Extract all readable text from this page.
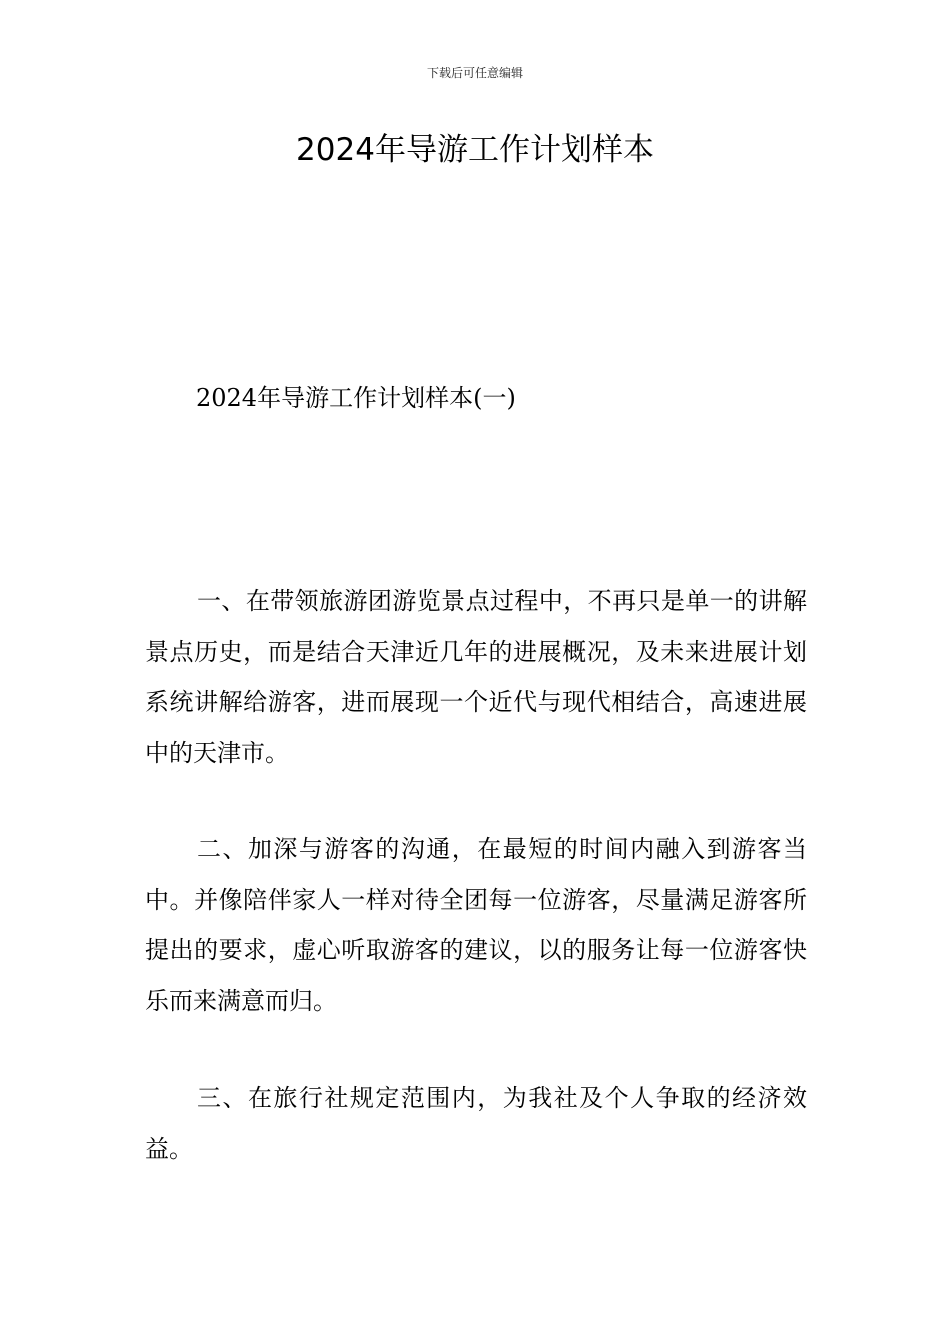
下载后可任意编辑
2024年导游工作计划样本
2024年导游工作计划样本(一)

一、在带领旅游团游览景点过程中，不再只是单一的讲解景点历史，而是结合天津近几年的进展概况，及未来进展计划系统讲解给游客，进而展现一个近代与现代相结合，高速进展中的天津市。

二、加深与游客的沟通，在最短的时间内融入到游客当中。并像陪伴家人一样对待全团每一位游客，尽量满足游客所提出的要求，虚心听取游客的建议，以的服务让每一位游客快乐而来满意而归。

三、在旅行社规定范围内，为我社及个人争取的经济效益。
